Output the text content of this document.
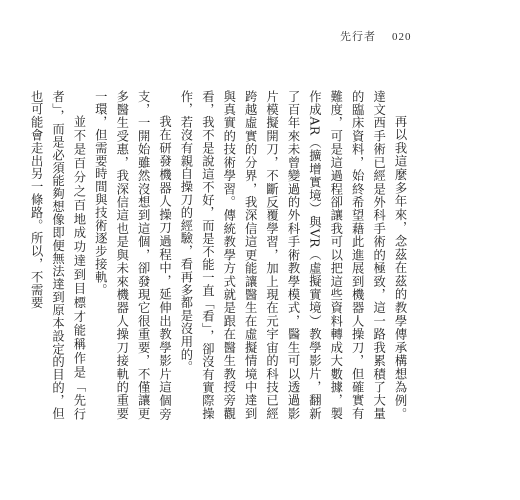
先行者 020

再以我這麼多年來，念茲在茲的教學傳承構想為例。達文西手術已經是外科手術的極致，這一路我累積了大量的臨床資料，始終希望藉此進展到機器人操刀，但確實有難度，可是這過程卻讓我可以把這些資料轉成大數據，製作成AR（擴增實境）與VR（虛擬實境）教學影片，翻新了百年來未曾變過的外科手術教學模式，醫生可以透過影片模擬開刀，不斷反覆學習，加上現在元宇宙的科技已經跨越虛實的分界，我深信這更能讓醫生在虛擬情境中達到與真實的技術學習。傳統教學方式就是跟在醫生教授旁觀看，我不是說這不好，而是不能一直「看」，卻沒有實際操作，若沒有親自操刀的經驗，看再多都是沒用的。

我在研發機器人操刀過程中，延伸出教學影片這個旁支，一開始雖然沒想到這個，卻發現它很重要，不僅讓更多醫生受惠，我深信這也是與未來機器人操刀接軌的重要一環，但需要時間與技術逐步接軌。

並不是百分之百地成功達到目標才能稱作是「先行者」，而是必須能夠想像即便無法達到原本設定的目的，但也可能會走出另一條路。所以，不需要
